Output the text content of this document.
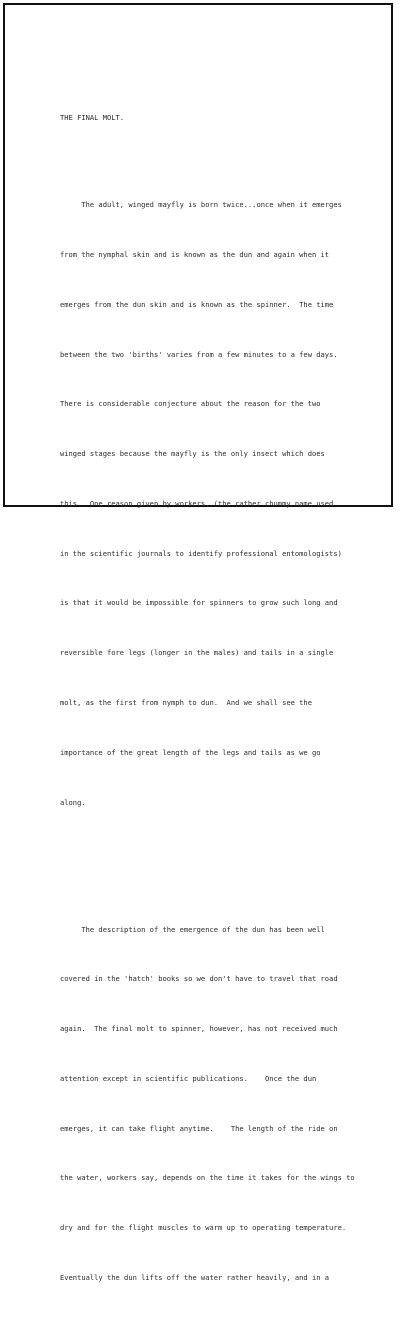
THE FINAL MOLT.

The adult, winged mayfly is born twice...once when it emerges

from the nymphal skin and is known as the dun and again when it

emerges from the dun skin and is known as the spinner.  The time

between the two 'births' varies from a few minutes to a few days.

There is considerable conjecture about the reason for the two

winged stages because the mayfly is the only insect which does

this.  One reason given by workers, (the rather chummy name used

in the scientific journals to identify professional entomologists)

is that it would be impossible for spinners to grow such long and

reversible fore legs (longer in the males) and tails in a single

molt, as the first from nymph to dun.  And we shall see the

importance of the great length of the legs and tails as we go

along.

The description of the emergence of the dun has been well

covered in the 'hatch' books so we don't have to travel that road

again.  The final molt to spinner, however, has not received much

attention except in scientific publications.    Once the dun

emerges, it can take flight anytime.    The length of the ride on

the water, workers say, depends on the time it takes for the wings to

dry and for the flight muscles to warm up to operating temperature.

Eventually the dun lifts off the water rather heavily, and in a
